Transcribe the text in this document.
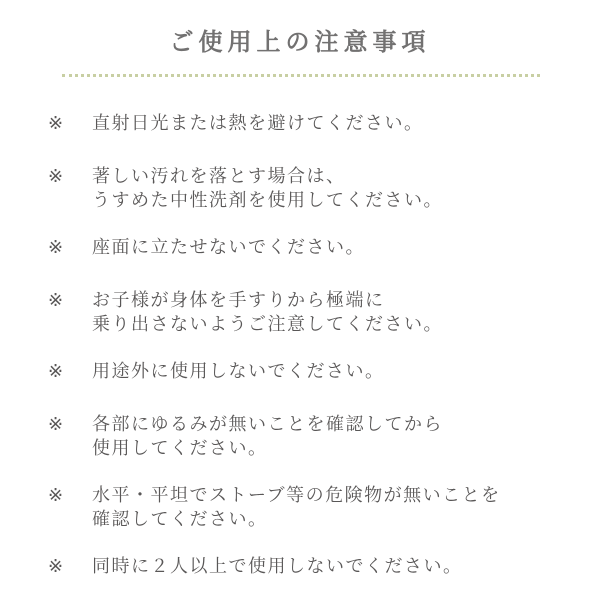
ご使用上の注意事項
※ 直射日光または熱を避けてください。
※ 著しい汚れを落とす場合は、
うすめた中性洗剤を使用してください。
※ 座面に立たせないでください。
※ お子様が身体を手すりから極端に
乗り出さないようご注意してください。
※ 用途外に使用しないでください。
※ 各部にゆるみが無いことを確認してから
使用してください。
※ 水平・平坦でストーブ等の危険物が無いことを
確認してください。
※ 同時に２人以上で使用しないでください。
